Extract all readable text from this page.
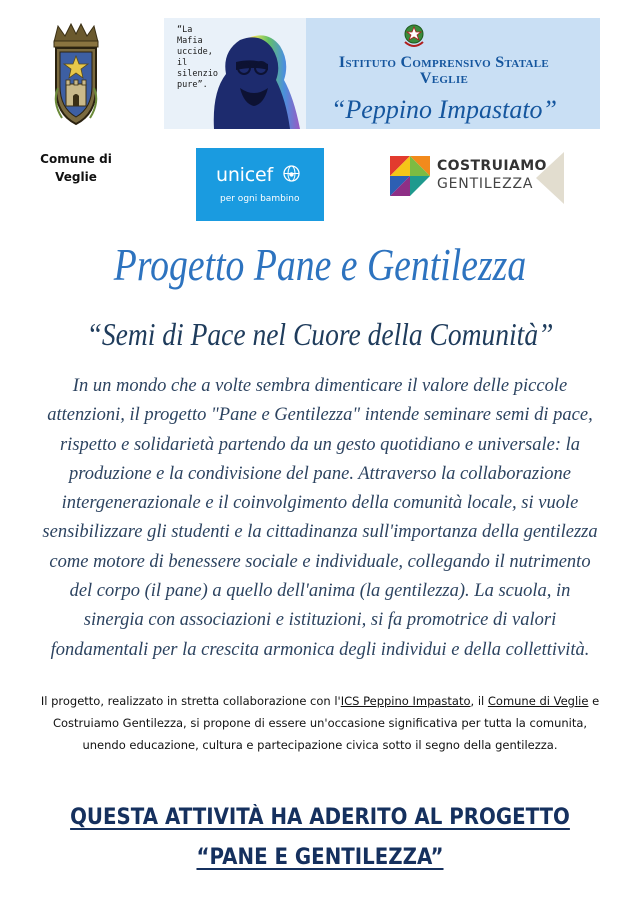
Comune di
Veglie
“La
Mafia
uccide,
il
silenzio
pure”.
Istituto Comprensivo Statale
Veglie
“Peppino Impastato”
unicef
per ogni bambino
COSTRUIAMO
GENTILEZZA
Progetto Pane e Gentilezza
“Semi di Pace nel Cuore della Comunità”
In un mondo che a volte sembra dimenticare il valore delle piccole attenzioni, il progetto "Pane e Gentilezza" intende seminare semi di pace, rispetto e solidarietà partendo da un gesto quotidiano e universale: la produzione e la condivisione del pane. Attraverso la collaborazione intergenerazionale e il coinvolgimento della comunità locale, si vuole sensibilizzare gli studenti e la cittadinanza sull'importanza della gentilezza come motore di benessere sociale e individuale, collegando il nutrimento del corpo (il pane) a quello dell'anima (la gentilezza). La scuola, in sinergia con associazioni e istituzioni, si fa promotrice di valori fondamentali per la crescita armonica degli individui e della collettività.
Il progetto, realizzato in stretta collaborazione con l'ICS Peppino Impastato, il Comune di Veglie e Costruiamo Gentilezza, si propone di essere un'occasione significativa per tutta la comunita, unendo educazione, cultura e partecipazione civica sotto il segno della gentilezza.
QUESTA ATTIVITÀ HA ADERITO AL PROGETTO
“PANE E GENTILEZZA”
